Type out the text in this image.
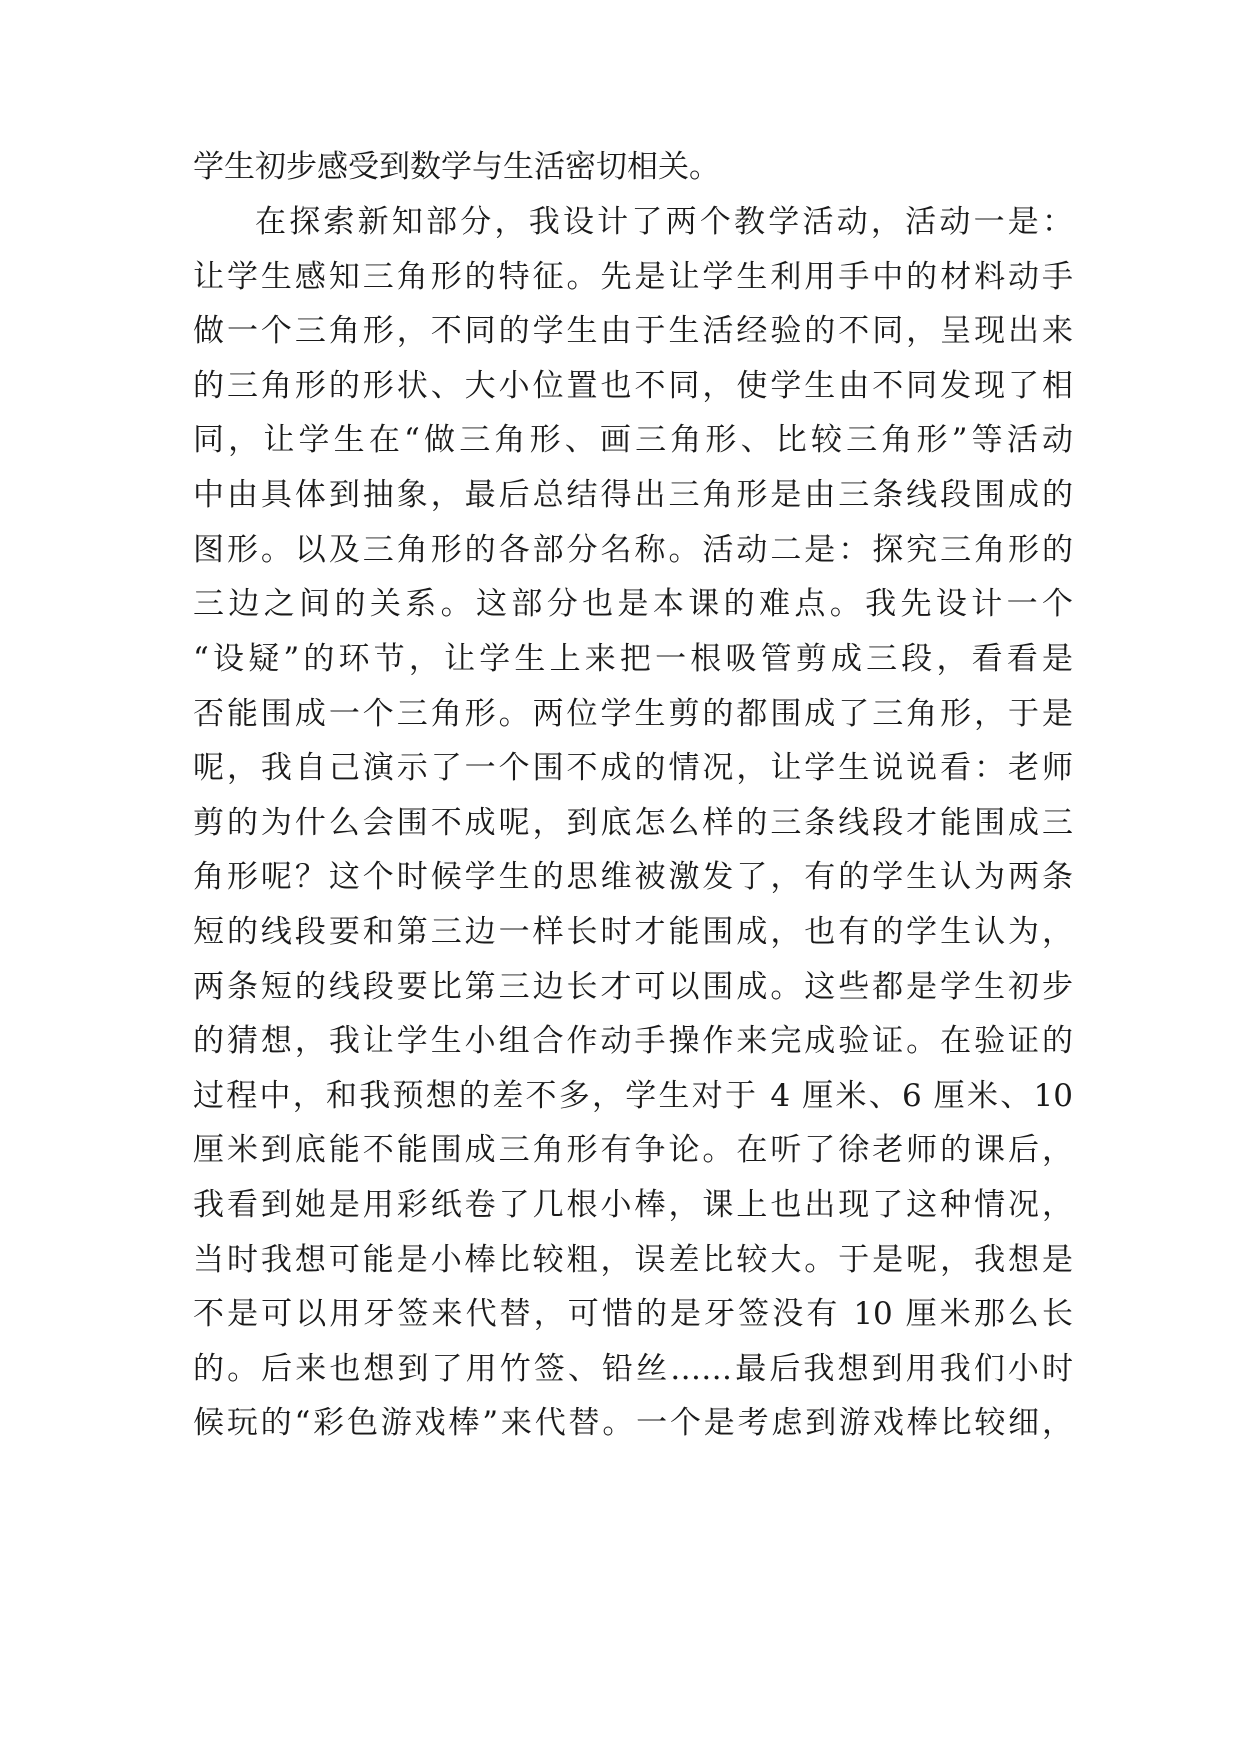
学生初步感受到数学与生活密切相关。
在探索新知部分，我设计了两个教学活动，活动一是：
让学生感知三角形的特征。先是让学生利用手中的材料动手
做一个三角形，不同的学生由于生活经验的不同，呈现出来
的三角形的形状、大小位置也不同，使学生由不同发现了相
同，让学生在“做三角形、画三角形、比较三角形”等活动
中由具体到抽象，最后总结得出三角形是由三条线段围成的
图形。以及三角形的各部分名称。活动二是：探究三角形的
三边之间的关系。这部分也是本课的难点。我先设计一个
“设疑”的环节，让学生上来把一根吸管剪成三段，看看是
否能围成一个三角形。两位学生剪的都围成了三角形，于是
呢，我自己演示了一个围不成的情况，让学生说说看：老师
剪的为什么会围不成呢，到底怎么样的三条线段才能围成三
角形呢？这个时候学生的思维被激发了，有的学生认为两条
短的线段要和第三边一样长时才能围成，也有的学生认为，
两条短的线段要比第三边长才可以围成。这些都是学生初步
的猜想，我让学生小组合作动手操作来完成验证。在验证的
过程中，和我预想的差不多，学生对于 4 厘米、6 厘米、10
厘米到底能不能围成三角形有争论。在听了徐老师的课后，
我看到她是用彩纸卷了几根小棒，课上也出现了这种情况，
当时我想可能是小棒比较粗，误差比较大。于是呢，我想是
不是可以用牙签来代替，可惜的是牙签没有 10 厘米那么长
的。后来也想到了用竹签、铅丝……最后我想到用我们小时
候玩的“彩色游戏棒”来代替。一个是考虑到游戏棒比较细，
